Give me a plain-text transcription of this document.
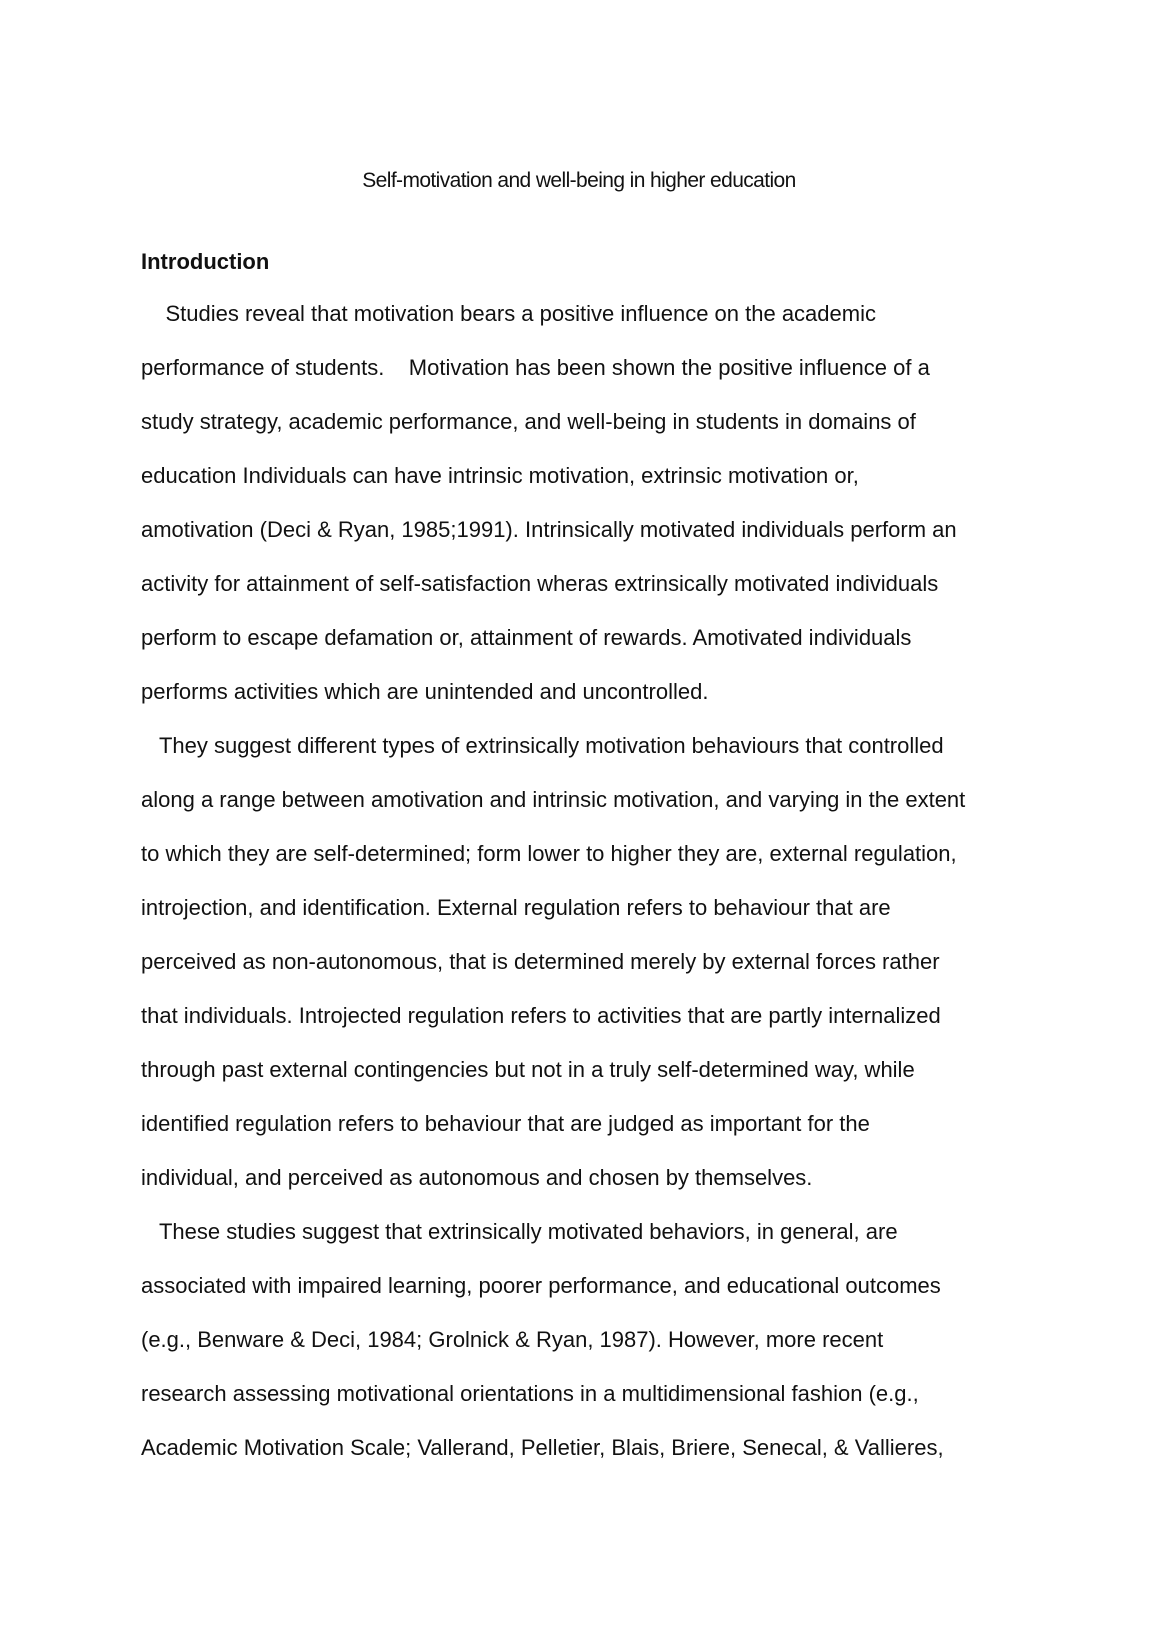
Self-motivation and well-being in higher education
Introduction
Studies reveal that motivation bears a positive influence on the academic
performance of students.    Motivation has been shown the positive influence of a
study strategy, academic performance, and well-being in students in domains of
education Individuals can have intrinsic motivation, extrinsic motivation or,
amotivation (Deci & Ryan, 1985;1991). Intrinsically motivated individuals perform an
activity for attainment of self-satisfaction wheras extrinsically motivated individuals
perform to escape defamation or, attainment of rewards. Amotivated individuals
performs activities which are unintended and uncontrolled.
They suggest different types of extrinsically motivation behaviours that controlled
along a range between amotivation and intrinsic motivation, and varying in the extent
to which they are self-determined; form lower to higher they are, external regulation,
introjection, and identification. External regulation refers to behaviour that are
perceived as non-autonomous, that is determined merely by external forces rather
that individuals. Introjected regulation refers to activities that are partly internalized
through past external contingencies but not in a truly self-determined way, while
identified regulation refers to behaviour that are judged as important for the
individual, and perceived as autonomous and chosen by themselves.
These studies suggest that extrinsically motivated behaviors, in general, are
associated with impaired learning, poorer performance, and educational outcomes
(e.g., Benware & Deci, 1984; Grolnick & Ryan, 1987). However, more recent
research assessing motivational orientations in a multidimensional fashion (e.g.,
Academic Motivation Scale; Vallerand, Pelletier, Blais, Briere, Senecal, & Vallieres,
